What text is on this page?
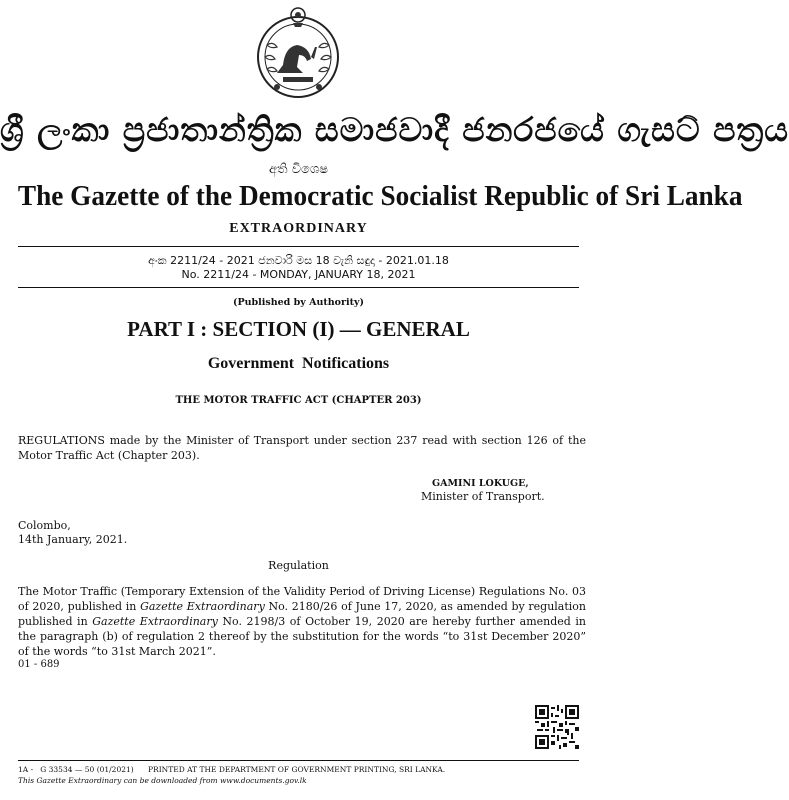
ශ්‍රී ලංකා ප්‍රජාතාන්ත්‍රික සමාජවාදී ජනරජයේ ගැසට් පත්‍රය
අති විශෙෂ
The Gazette of the Democratic Socialist Republic of Sri Lanka
EXTRAORDINARY
අංක 2211/24 - 2021 ජනවාරි මස 18 වැනි සඳුදා - 2021.01.18
No. 2211/24 - MONDAY, JANUARY 18, 2021
(Published by Authority)
PART I : SECTION (I) — GENERAL
Government Notifications
THE MOTOR TRAFFIC ACT (CHAPTER 203)
REGULATIONS made by the Minister of Transport under section 237 read with section 126 of the Motor Traffic Act (Chapter 203).
GAMINI LOKUGE,
Minister of Transport.
Colombo,
14th January, 2021.
Regulation
The Motor Traffic (Temporary Extension of the Validity Period of Driving License) Regulations No. 03 of 2020, published in Gazette Extraordinary No. 2180/26 of June 17, 2020, as amended by regulation published in Gazette Extraordinary No. 2198/3 of October 19, 2020 are hereby further amended in the paragraph (b) of regulation 2 thereof by the substitution for the words “to 31st December 2020” of the words “to 31st March 2021”.
01 - 689
1A -   G 33534 — 50 (01/2021)      PRINTED AT THE DEPARTMENT OF GOVERNMENT PRINTING, SRI LANKA.
This Gazette Extraordinary can be downloaded from www.documents.gov.lk
